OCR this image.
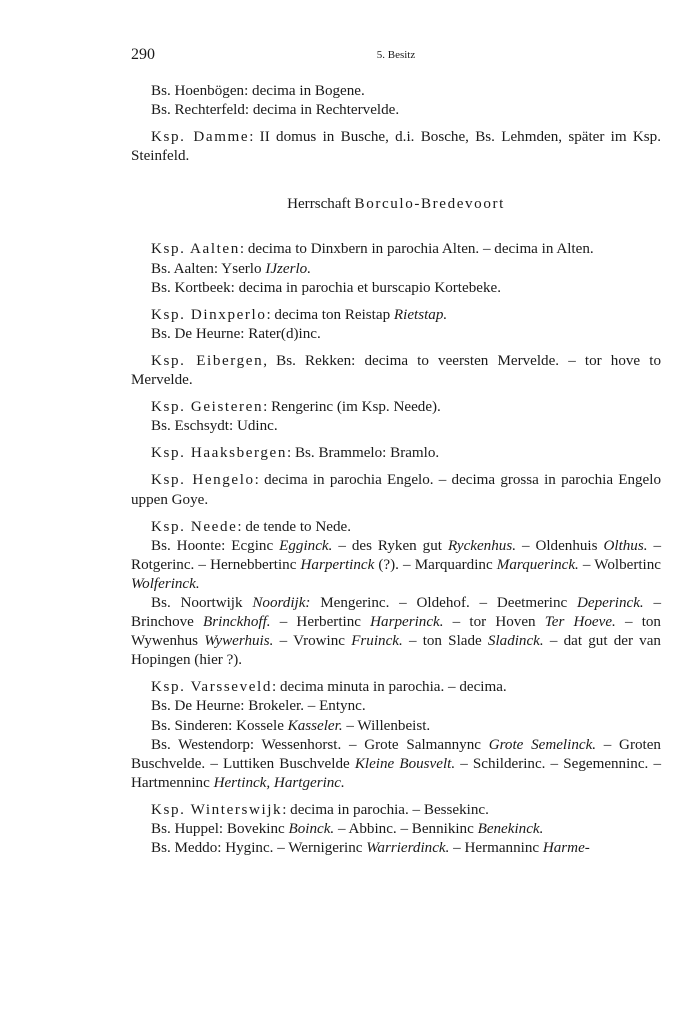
290	5. Besitz

Bs. Hoenbögen: decima in Bogene.

Bs. Rechterfeld: decima in Rechtervelde.

Ksp. Damme: II domus in Busche, d.i. Bosche, Bs. Lehmden, später im Ksp. Steinfeld.

Herrschaft Borculo-Bredevoort

Ksp. Aalten: decima to Dinxbern in parochia Alten. – decima in Alten.

Bs. Aalten: Yserlo IJzerlo.

Bs. Kortbeek: decima in parochia et burscapio Kortebeke.

Ksp. Dinxperlo: decima ton Reistap Rietstap.

Bs. De Heurne: Rater(d)inc.

Ksp. Eibergen, Bs. Rekken: decima to veersten Mervelde. – tor hove to Mervelde.

Ksp. Geisteren: Rengerinc (im Ksp. Neede).

Bs. Eschsydt: Udinc.

Ksp. Haaksbergen: Bs. Brammelo: Bramlo.

Ksp. Hengelo: decima in parochia Engelo. – decima grossa in parochia Engelo uppen Goye.

Ksp. Neede: de tende to Nede.

Bs. Hoonte: Ecginc Egginck. – des Ryken gut Ryckenhus. – Oldenhuis Olthus. – Rotgerinc. – Hernebbertinc Harpertinck (?). – Marquardinc Marquerinck. – Wolbertinc Wolferinck.

Bs. Noortwijk Noordijk: Mengerinc. – Oldehof. – Deetmerinc Deperinck. – Brinchove Brinckhoff. – Herbertinc Harperinck. – tor Hoven Ter Hoeve. – ton Wywenhus Wywerhuis. – Vrowinc Fruinck. – ton Slade Sladinck. – dat gut der van Hopingen (hier ?).

Ksp. Varsseveld: decima minuta in parochia. – decima.

Bs. De Heurne: Brokeler. – Entync.

Bs. Sinderen: Kossele Kasseler. – Willenbeist.

Bs. Westendorp: Wessenhorst. – Grote Salmannync Grote Semelinck. – Groten Buschvelde. – Luttiken Buschvelde Kleine Bousvelt. – Schilderinc. – Segemenninc. – Hartmenninc Hertinck, Hartgerinc.

Ksp. Winterswijk: decima in parochia. – Bessekinc.

Bs. Huppel: Bovekinc Boinck. – Abbinc. – Bennikinc Benekinck.

Bs. Meddo: Hyginc. – Wernigerinc Warrierdinck. – Hermanninc Harme-
